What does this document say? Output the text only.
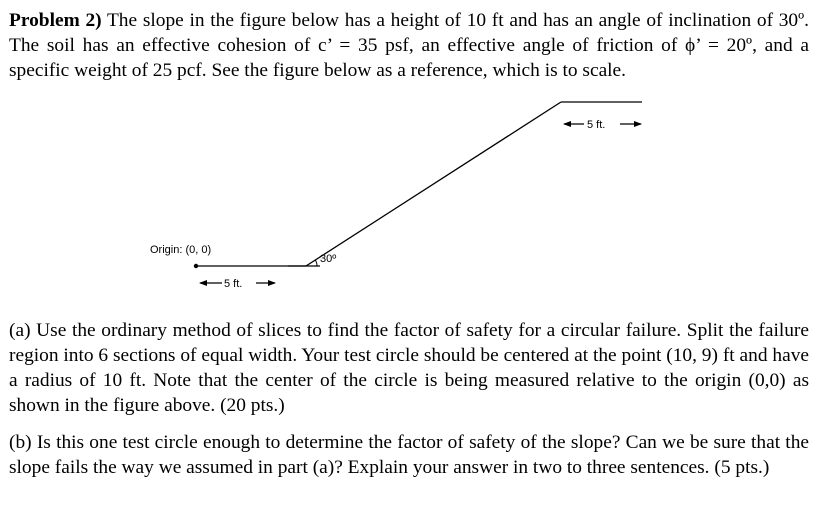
Problem 2) The slope in the figure below has a height of 10 ft and has an angle of inclination of 30º. The soil has an effective cohesion of c’ = 35 psf, an effective angle of friction of ϕ’ = 20º, and a specific weight of 25 pcf. See the figure below as a reference, which is to scale.
Origin: (0, 0)
30º
5 ft.
5 ft.
(a) Use the ordinary method of slices to find the factor of safety for a circular failure. Split the failure region into 6 sections of equal width. Your test circle should be centered at the point (10, 9) ft and have a radius of 10 ft. Note that the center of the circle is being measured relative to the origin (0,0) as shown in the figure above. (20 pts.)
(b) Is this one test circle enough to determine the factor of safety of the slope? Can we be sure that the slope fails the way we assumed in part (a)? Explain your answer in two to three sentences. (5 pts.)
